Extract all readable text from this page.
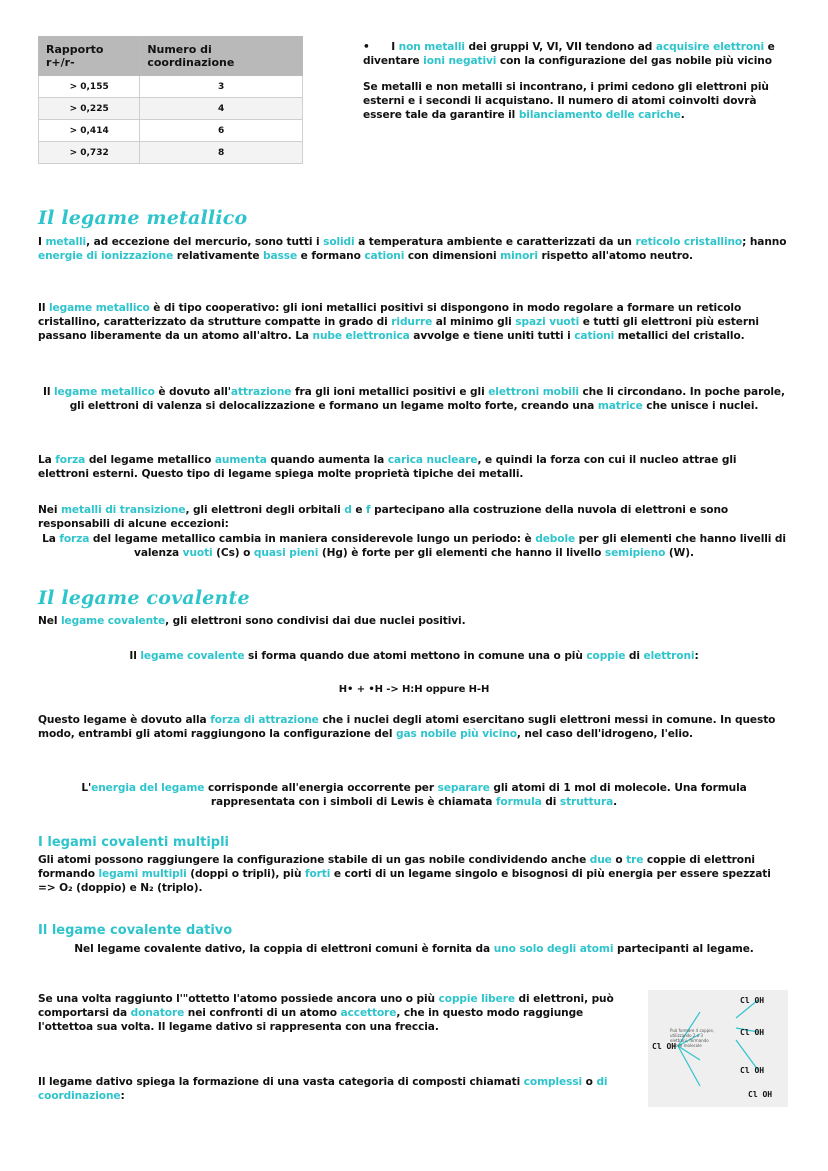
Rapporto r+/r-	Numero di coordinazione
> 0,155	3
> 0,225	4
> 0,414	6
> 0,732	8

• I non metalli dei gruppi V, VI, VII tendono ad acquisire elettroni e diventare ioni negativi con la configurazione del gas nobile più vicino

Se metalli e non metalli si incontrano, i primi cedono gli elettroni più esterni e i secondi li acquistano. Il numero di atomi coinvolti dovrà essere tale da garantire il bilanciamento delle cariche.

Il legame metallico

I metalli, ad eccezione del mercurio, sono tutti i solidi a temperatura ambiente e caratterizzati da un reticolo cristallino; hanno energie di ionizzazione relativamente basse e formano cationi con dimensioni minori rispetto all'atomo neutro.

Il legame metallico è di tipo cooperativo: gli ioni metallici positivi si dispongono in modo regolare a formare un reticolo cristallino, caratterizzato da strutture compatte in grado di ridurre al minimo gli spazi vuoti e tutti gli elettroni più esterni passano liberamente da un atomo all'altro. La nube elettronica avvolge e tiene uniti tutti i cationi metallici del cristallo.

Il legame metallico è dovuto all'attrazione fra gli ioni metallici positivi e gli elettroni mobili che li circondano. In poche parole, gli elettroni di valenza si delocalizzazione e formano un legame molto forte, creando una matrice che unisce i nuclei.

La forza del legame metallico aumenta quando aumenta la carica nucleare, e quindi la forza con cui il nucleo attrae gli elettroni esterni. Questo tipo di legame spiega molte proprietà tipiche dei metalli.

Nei metalli di transizione, gli elettroni degli orbitali d e f partecipano alla costruzione della nuvola di elettroni e sono responsabili di alcune eccezioni:

La forza del legame metallico cambia in maniera considerevole lungo un periodo: è debole per gli elementi che hanno livelli di valenza vuoti (Cs) o quasi pieni (Hg) è forte per gli elementi che hanno il livello semipieno (W).

Il legame covalente

Nel legame covalente, gli elettroni sono condivisi dai due nuclei positivi.

Il legame covalente si forma quando due atomi mettono in comune una o più coppie di elettroni:

H• + •H -> H:H oppure H-H

Questo legame è dovuto alla forza di attrazione che i nuclei degli atomi esercitano sugli elettroni messi in comune. In questo modo, entrambi gli atomi raggiungono la configurazione del gas nobile più vicino, nel caso dell'idrogeno, l'elio.

L'energia del legame corrisponde all'energia occorrente per separare gli atomi di 1 mol di molecole. Una formula rappresentata con i simboli di Lewis è chiamata formula di struttura.

I legami covalenti multipli

Gli atomi possono raggiungere la configurazione stabile di un gas nobile condividendo anche due o tre coppie di elettroni formando legami multipli (doppi o tripli), più forti e corti di un legame singolo e bisognosi di più energia per essere spezzati => O₂ (doppio) e N₂ (triplo).

Il legame covalente dativo

Nel legame covalente dativo, la coppia di elettroni comuni è fornita da uno solo degli atomi partecipanti al legame.

Se una volta raggiunto l'"ottetto l'atomo possiede ancora uno o più coppie libere di elettroni, può comportarsi da donatore nei confronti di un atomo accettore, che in questo modo raggiunge l'ottettoa sua volta. Il legame dativo si rappresenta con una freccia.

Il legame dativo spiega la formazione di una vasta categoria di composti chiamati complessi o di coordinazione:

Cl OH
Cl OH
Cl OH
Cl OH
Cl OH
Può formare 4 coppie, utilizzando 2 o 3 elettroni, formando nuove molecole
